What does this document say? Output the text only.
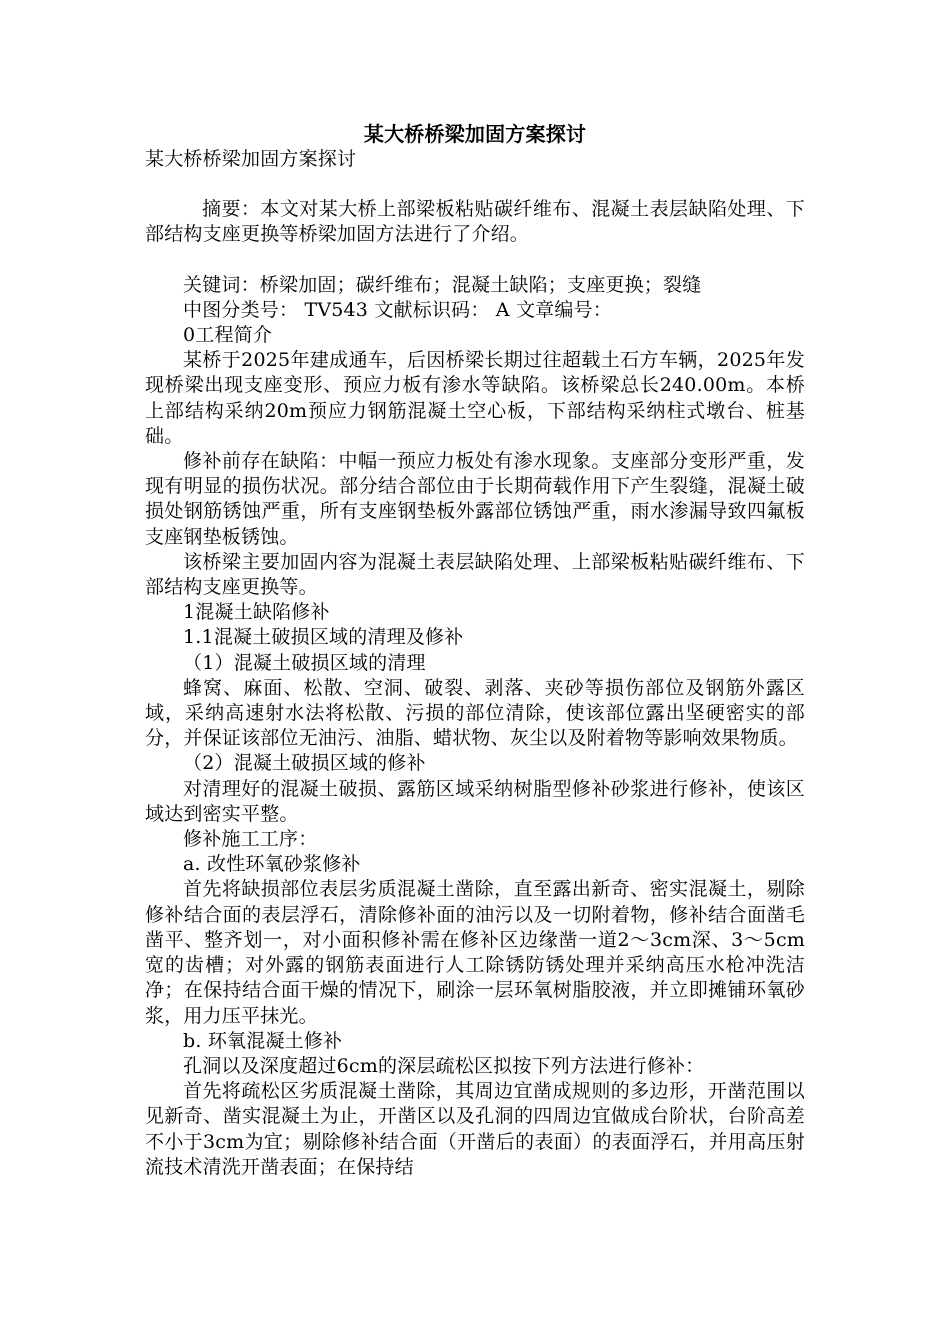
某大桥桥梁加固方案探讨

某大桥桥梁加固方案探讨

摘要：本文对某大桥上部梁板粘贴碳纤维布、混凝土表层缺陷处理、下部结构支座更换等桥梁加固方法进行了介绍。

关键词：桥梁加固；碳纤维布；混凝土缺陷；支座更换；裂缝

中图分类号： TV543 文献标识码： A 文章编号：

0工程简介

某桥于2025年建成通车，后因桥梁长期过往超载土石方车辆，2025年发现桥梁出现支座变形、预应力板有渗水等缺陷。该桥梁总长240.00m。本桥上部结构采纳20m预应力钢筋混凝土空心板，下部结构采纳柱式墩台、桩基础。

修补前存在缺陷：中幅一预应力板处有渗水现象。支座部分变形严重，发现有明显的损伤状况。部分结合部位由于长期荷载作用下产生裂缝，混凝土破损处钢筋锈蚀严重，所有支座钢垫板外露部位锈蚀严重，雨水渗漏导致四氟板支座钢垫板锈蚀。

该桥梁主要加固内容为混凝土表层缺陷处理、上部梁板粘贴碳纤维布、下部结构支座更换等。

1混凝土缺陷修补

1.1混凝土破损区域的清理及修补

（1）混凝土破损区域的清理

蜂窝、麻面、松散、空洞、破裂、剥落、夹砂等损伤部位及钢筋外露区域，采纳高速射水法将松散、污损的部位清除，使该部位露出坚硬密实的部分，并保证该部位无油污、油脂、蜡状物、灰尘以及附着物等影响效果物质。

（2）混凝土破损区域的修补

对清理好的混凝土破损、露筋区域采纳树脂型修补砂浆进行修补，使该区域达到密实平整。

修补施工工序：

a. 改性环氧砂浆修补

首先将缺损部位表层劣质混凝土凿除，直至露出新奇、密实混凝土，剔除修补结合面的表层浮石，清除修补面的油污以及一切附着物，修补结合面凿毛凿平、整齐划一，对小面积修补需在修补区边缘凿一道2～3cm深、3～5cm宽的齿槽；对外露的钢筋表面进行人工除锈防锈处理并采纳高压水枪冲洗洁净；在保持结合面干燥的情况下，刷涂一层环氧树脂胶液，并立即摊铺环氧砂浆，用力压平抹光。

b. 环氧混凝土修补

孔洞以及深度超过6cm的深层疏松区拟按下列方法进行修补：

首先将疏松区劣质混凝土凿除，其周边宜凿成规则的多边形，开凿范围以见新奇、凿实混凝土为止，开凿区以及孔洞的四周边宜做成台阶状，台阶高差不小于3cm为宜；剔除修补结合面（开凿后的表面）的表面浮石，并用高压射流技术清洗开凿表面；在保持结
